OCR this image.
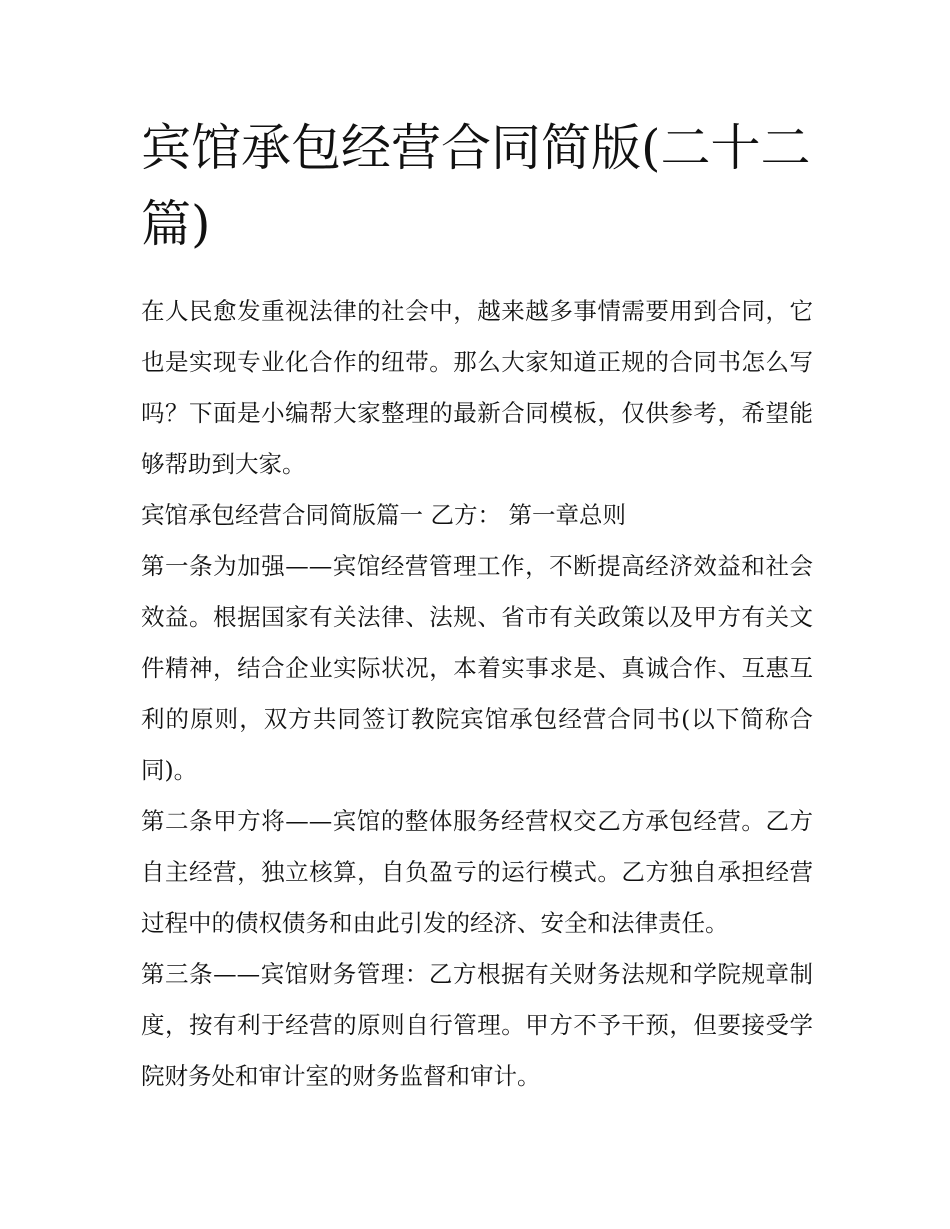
宾馆承包经营合同简版(二十二篇)

在人民愈发重视法律的社会中，越来越多事情需要用到合同，它也是实现专业化合作的纽带。那么大家知道正规的合同书怎么写吗？下面是小编帮大家整理的最新合同模板，仅供参考，希望能够帮助到大家。

宾馆承包经营合同简版篇一 乙方： 第一章总则

第一条为加强——宾馆经营管理工作，不断提高经济效益和社会效益。根据国家有关法律、法规、省市有关政策以及甲方有关文件精神，结合企业实际状况，本着实事求是、真诚合作、互惠互利的原则，双方共同签订教院宾馆承包经营合同书(以下简称合同)。

第二条甲方将——宾馆的整体服务经营权交乙方承包经营。乙方自主经营，独立核算，自负盈亏的运行模式。乙方独自承担经营过程中的债权债务和由此引发的经济、安全和法律责任。

第三条——宾馆财务管理：乙方根据有关财务法规和学院规章制度，按有利于经营的原则自行管理。甲方不予干预，但要接受学院财务处和审计室的财务监督和审计。
